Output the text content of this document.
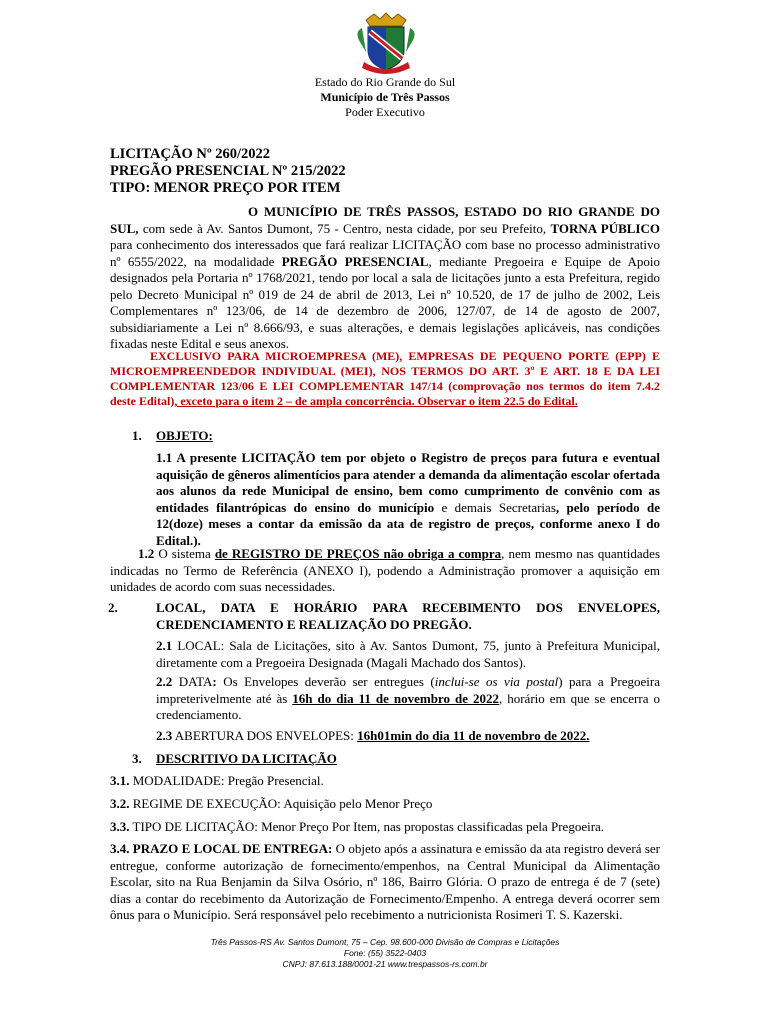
Estado do Rio Grande do Sul
Município de Três Passos
Poder Executivo
LICITAÇÃO Nº 260/2022
PREGÃO PRESENCIAL Nº 215/2022
TIPO: MENOR PREÇO POR ITEM

O MUNICÍPIO DE TRÊS PASSOS, ESTADO DO RIO GRANDE DO SUL, com sede à Av. Santos Dumont, 75 - Centro, nesta cidade, por seu Prefeito, TORNA PÚBLICO para conhecimento dos interessados que fará realizar LICITAÇÃO com base no processo administrativo nº 6555/2022, na modalidade PREGÃO PRESENCIAL, mediante Pregoeira e Equipe de Apoio designados pela Portaria nº 1768/2021, tendo por local a sala de licitações junto a esta Prefeitura, regido pelo Decreto Municipal nº 019 de 24 de abril de 2013, Lei nº 10.520, de 17 de julho de 2002, Leis Complementares nº 123/06, de 14 de dezembro de 2006, 127/07, de 14 de agosto de 2007, subsidiariamente a Lei nº 8.666/93, e suas alterações, e demais legislações aplicáveis, nas condições fixadas neste Edital e seus anexos.

EXCLUSIVO PARA MICROEMPRESA (ME), EMPRESAS DE PEQUENO PORTE (EPP) E MICROEMPREENDEDOR INDIVIDUAL (MEI), NOS TERMOS DO ART. 3º E ART. 18 E DA LEI COMPLEMENTAR 123/06 E LEI COMPLEMENTAR 147/14 (comprovação nos termos do item 7.4.2 deste Edital), exceto para o item 2 – de ampla concorrência. Observar o item 22.5 do Edital.

1. OBJETO:

1.1 A presente LICITAÇÃO tem por objeto o Registro de preços para futura e eventual aquisição de gêneros alimentícios para atender a demanda da alimentação escolar ofertada aos alunos da rede Municipal de ensino, bem como cumprimento de convênio com as entidades filantrópicas do ensino do município e demais Secretarias, pelo período de 12(doze) meses a contar da emissão da ata de registro de preços, conforme anexo I do Edital.).

1.2 O sistema de REGISTRO DE PREÇOS não obriga a compra, nem mesmo nas quantidades indicadas no Termo de Referência (ANEXO I), podendo a Administração promover a aquisição em unidades de acordo com suas necessidades.

2.	LOCAL, DATA E HORÁRIO PARA RECEBIMENTO DOS ENVELOPES, CREDENCIAMENTO E REALIZAÇÃO DO PREGÃO.

2.1 LOCAL: Sala de Licitações, sito à Av. Santos Dumont, 75, junto à Prefeitura Municipal, diretamente com a Pregoeira Designada (Magali Machado dos Santos).

2.2 DATA: Os Envelopes deverão ser entregues (inclui-se os via postal) para a Pregoeira impreterivelmente até às 16h do dia 11 de novembro de 2022, horário em que se encerra o credenciamento.

2.3 ABERTURA DOS ENVELOPES: 16h01min do dia 11 de novembro de 2022.

3. DESCRITIVO DA LICITAÇÃO

3.1. MODALIDADE: Pregão Presencial.

3.2. REGIME DE EXECUÇÃO: Aquisição pelo Menor Preço

3.3. TIPO DE LICITAÇÃO: Menor Preço Por Item, nas propostas classificadas pela Pregoeira.

3.4. PRAZO E LOCAL DE ENTREGA: O objeto após a assinatura e emissão da ata registro deverá ser entregue, conforme autorização de fornecimento/empenhos, na Central Municipal da Alimentação Escolar, sito na Rua Benjamin da Silva Osório, nº 186, Bairro Glória. O prazo de entrega é de 7 (sete) dias a contar do recebimento da Autorização de Fornecimento/Empenho. A entrega deverá ocorrer sem ônus para o Município. Será responsável pelo recebimento a nutricionista Rosimeri T. S. Kazerski.

Três Passos-RS Av. Santos Dumont, 75 – Cep. 98.600-000 Divisão de Compras e Licitações
Fone: (55) 3522-0403
CNPJ: 87.613.188/0001-21 www.trespassos-rs.com.br
